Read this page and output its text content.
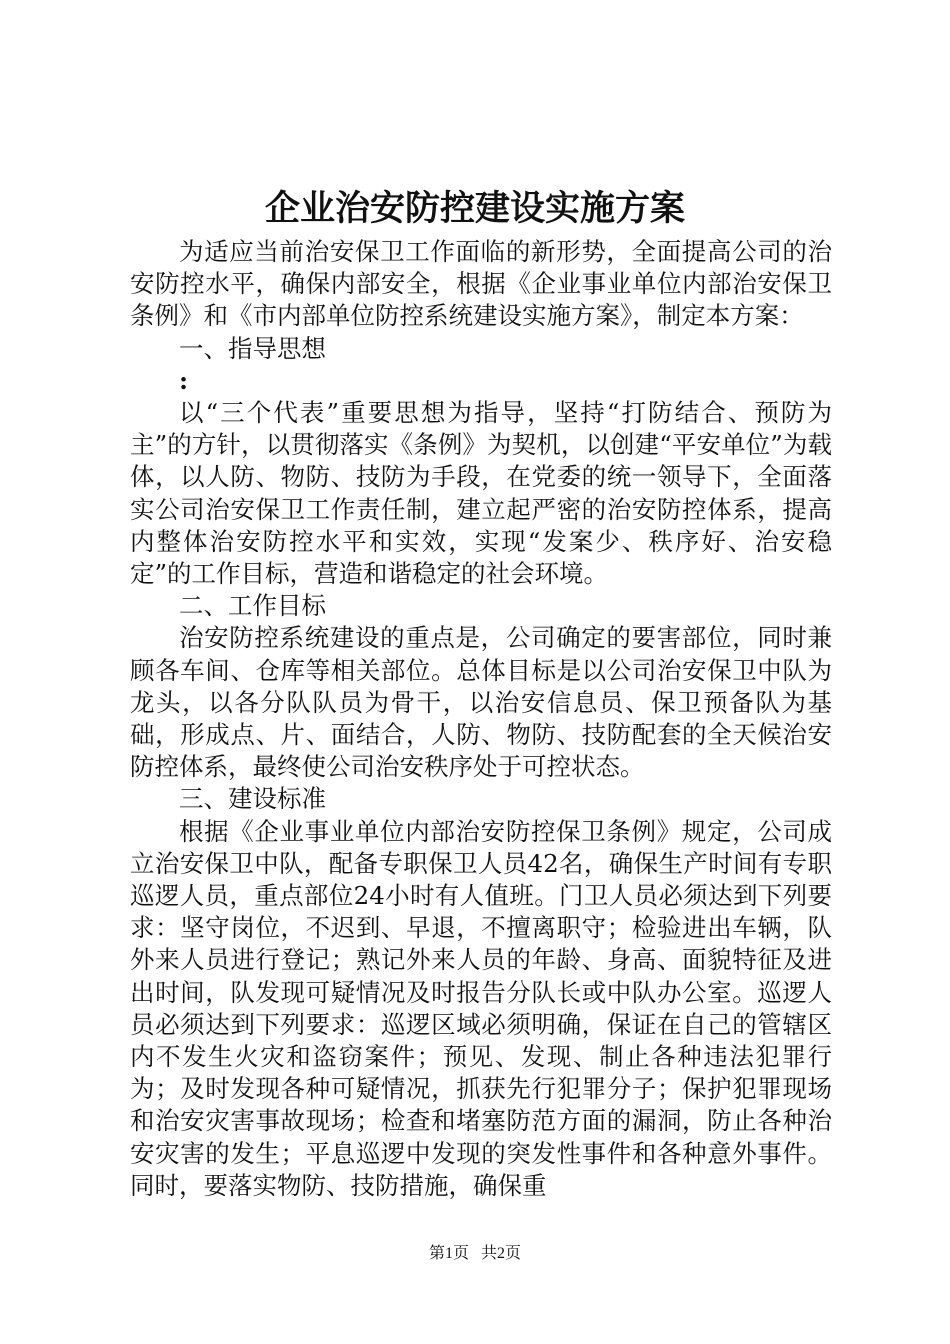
企业治安防控建设实施方案

为适应当前治安保卫工作面临的新形势，全面提高公司的治安防控水平，确保内部安全，根据《企业事业单位内部治安保卫条例》和《市内部单位防控系统建设实施方案》，制定本方案：

一、指导思想

:

以“三个代表”重要思想为指导，坚持“打防结合、预防为主”的方针，以贯彻落实《条例》为契机，以创建“平安单位”为载体，以人防、物防、技防为手段，在党委的统一领导下，全面落实公司治安保卫工作责任制，建立起严密的治安防控体系，提高内整体治安防控水平和实效，实现“发案少、秩序好、治安稳定”的工作目标，营造和谐稳定的社会环境。

二、工作目标

治安防控系统建设的重点是，公司确定的要害部位，同时兼顾各车间、仓库等相关部位。总体目标是以公司治安保卫中队为龙头，以各分队队员为骨干，以治安信息员、保卫预备队为基础，形成点、片、面结合，人防、物防、技防配套的全天候治安防控体系，最终使公司治安秩序处于可控状态。

三、建设标准

根据《企业事业单位内部治安防控保卫条例》规定，公司成立治安保卫中队，配备专职保卫人员42名，确保生产时间有专职巡逻人员，重点部位24小时有人值班。门卫人员必须达到下列要求：坚守岗位，不迟到、早退，不擅离职守；检验进出车辆，队外来人员进行登记；熟记外来人员的年龄、身高、面貌特征及进出时间，队发现可疑情况及时报告分队长或中队办公室。巡逻人员必须达到下列要求：巡逻区域必须明确，保证在自己的管辖区内不发生火灾和盗窃案件；预见、发现、制止各种违法犯罪行为；及时发现各种可疑情况，抓获先行犯罪分子；保护犯罪现场和治安灾害事故现场；检查和堵塞防范方面的漏洞，防止各种治安灾害的发生；平息巡逻中发现的突发性事件和各种意外事件。同时，要落实物防、技防措施，确保重

第1页 共2页
